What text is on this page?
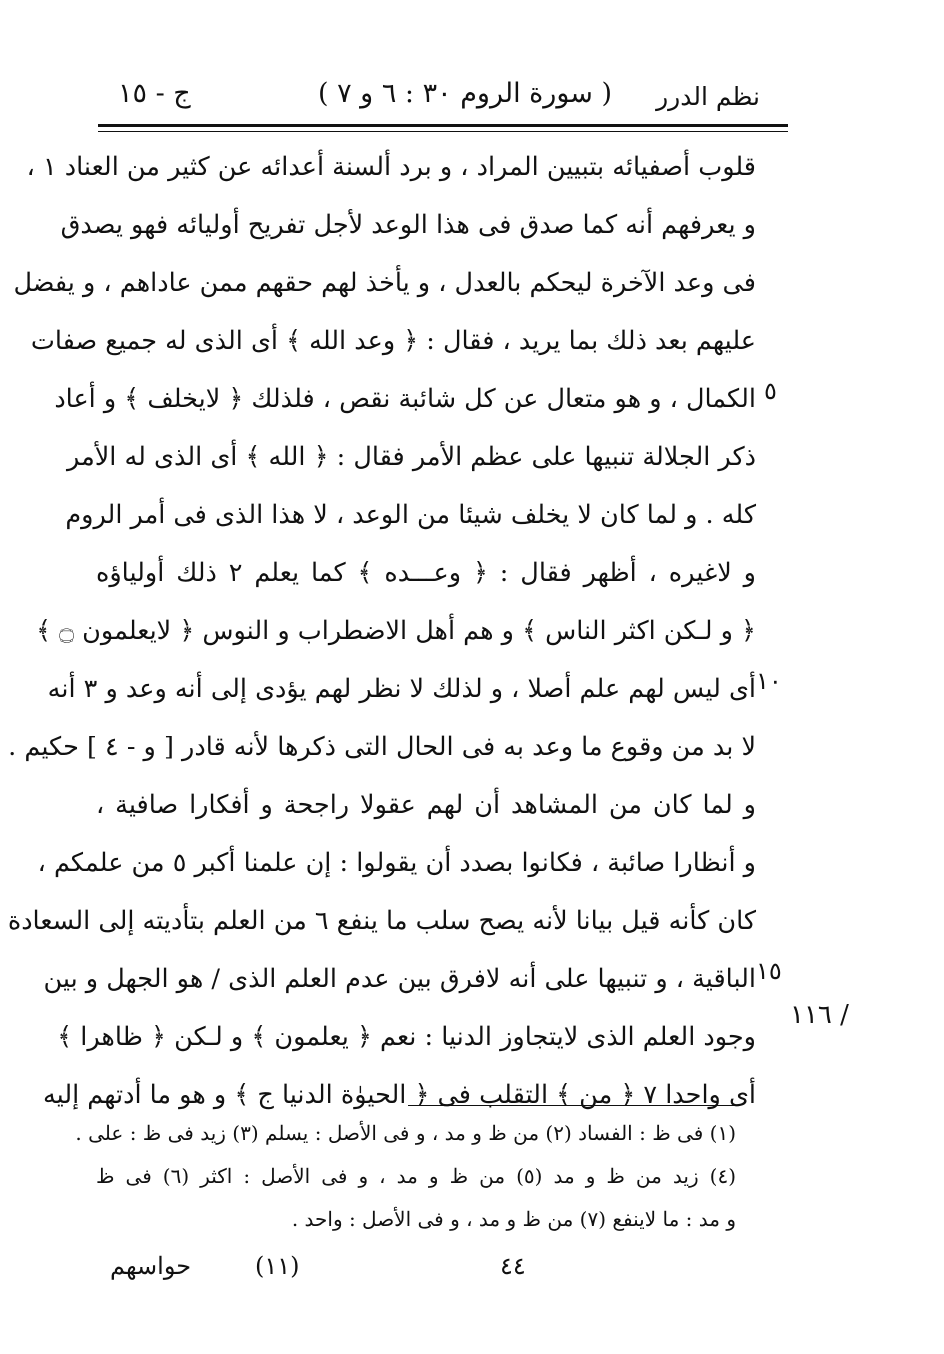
نظم الدرر
( سورة الروم ٣٠ : ٦ و ٧ )
ج - ١٥
قلوب أصفيائه بتبيين المراد ، و برد ألسنة أعدائه عن كثير من العناد ١ ،
و يعرفهم أنه كما صدق فى هذا الوعد لأجل تفريح أوليائه فهو يصدق
فى وعد الآخرة ليحكم بالعدل ، و يأخذ لهم حقهم ممن عاداهم ، و يفضل
عليهم بعد ذلك بما يريد ، فقال : ﴿ وعد الله ﴾ أى الذى له جميع صفات
الكمال ، و هو متعال عن كل شائبة نقص ، فلذلك ﴿ لايخلف ﴾ و أعاد
ذكر الجلالة تنبيها على عظم الأمر فقال : ﴿ الله ﴾ أى الذى له الأمر
كله . و لما كان لا يخلف شيئا من الوعد ، لا هذا الذى فى أمر الروم
و لاغيره ، أظهر فقال : ﴿ وعـــده ﴾ كما يعلم ٢ ذلك أولياؤه
﴿ و لـكن اكثر الناس ﴾ و هم أهل الاضطراب و النوس ﴿ لايعلمون ۝ ﴾
أى ليس لهم علم أصلا ، و لذلك لا نظر لهم يؤدى إلى أنه وعد و ٣ أنه
لا بد من وقوع ما وعد به فى الحال التى ذكرها لأنه قادر [ و - ٤ ] حكيم .
و لما كان من المشاهد أن لهم عقولا راجحة و أفكارا صافية ،
و أنظارا صائبة ، فكانوا بصدد أن يقولوا : إن علمنا أكبر ٥ من علمكم ،
كان كأنه قيل بيانا لأنه يصح سلب ما ينفع ٦ من العلم بتأديته إلى السعادة
الباقية ، و تنبيها على أنه لافرق بين عدم العلم الذى / هو الجهل و بين
وجود العلم الذى لايتجاوز الدنيا : نعم ﴿ يعلمون ﴾ و لـكن ﴿ ظاهرا ﴾
أى واحدا ٧ ﴿ من ﴾ التقلب فى ﴿ الحيوٰة الدنيا ج ﴾ و هو ما أدتهم إليه
٥
١٠
١٥
١١٦ /
(١) فى ظ : الفساد (٢) من ظ و مد ، و فى الأصل : يسلم (٣) زيد فى ظ : على .
(٤) زيد من ظ و مد (٥) من ظ و مد ، و فى الأصل : اكثر (٦) فى ظ
و مد : ما لاينفع (٧) من ظ و مد ، و فى الأصل : واحد .
٤٤
(١١)
حواسهم
